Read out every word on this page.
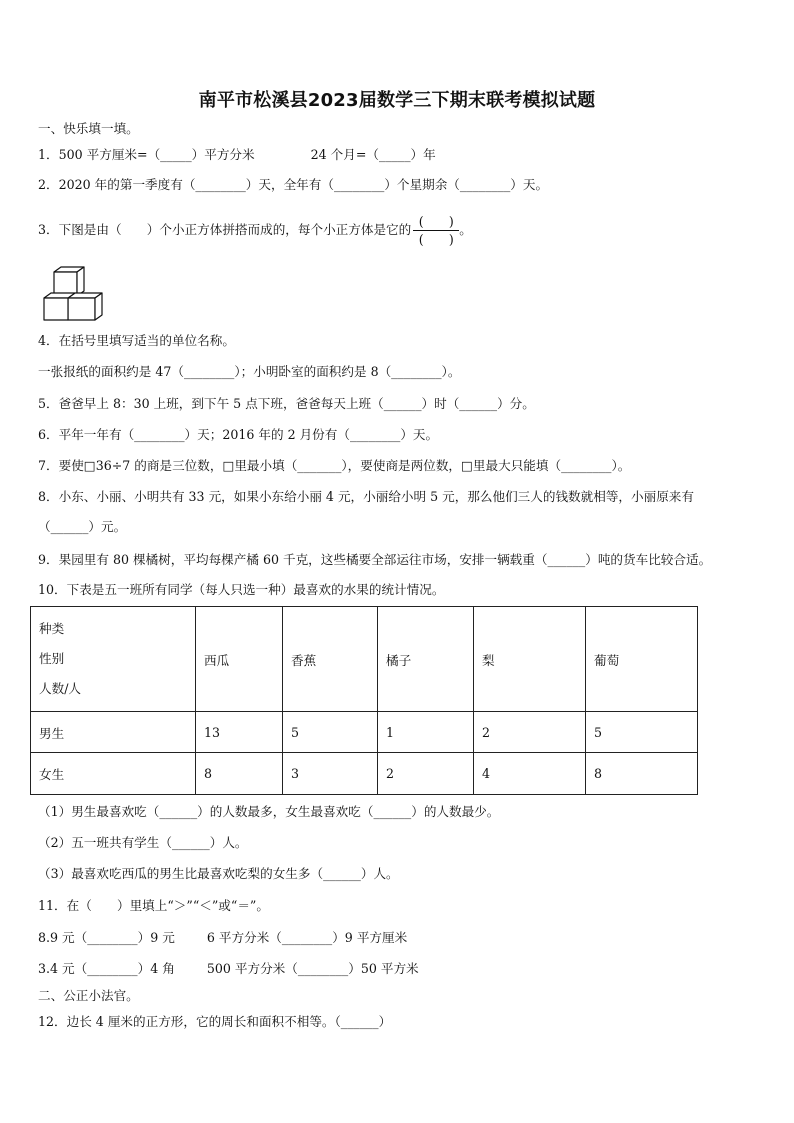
南平市松溪县2023届数学三下期末联考模拟试题
一、快乐填一填。
1．500 平方厘米=（_____）平方分米	24 个月=（_____）年
2．2020 年的第一季度有（________）天，全年有（________）个星期余（________）天。
3．下图是由（　　）个小正方体拼搭而成的，每个小正方体是它的 $\frac{( )}{( )}$ 。
4．在括号里填写适当的单位名称。
一张报纸的面积约是 47（________）；小明卧室的面积约是 8（________）。
5．爸爸早上 8：30 上班，到下午 5 点下班，爸爸每天上班（______）时（______）分。
6．平年一年有（________）天；2016 年的 2 月份有（________）天。
7．要使□36÷7 的商是三位数，□里最小填（_______），要使商是两位数，□里最大只能填（________）。
8．小东、小丽、小明共有 33 元，如果小东给小丽 4 元，小丽给小明 5 元，那么他们三人的钱数就相等，小丽原来有
（______）元。
9．果园里有 80 棵橘树，平均每棵产橘 60 千克，这些橘要全部运往市场，安排一辆载重（______）吨的货车比较合适。
10．下表是五一班所有同学（每人只选一种）最喜欢的水果的统计情况。
种类
性别
人数/人	西瓜	香蕉	橘子	梨	葡萄
男生	13	5	1	2	5
女生	8	3	2	4	8
（1）男生最喜欢吃（______）的人数最多，女生最喜欢吃（______）的人数最少。
（2）五一班共有学生（______）人。
（3）最喜欢吃西瓜的男生比最喜欢吃梨的女生多（______）人。
11．在（　　）里填上“＞”“＜”或“＝”。
8.9 元（________）9 元	6 平方分米（________）9 平方厘米
3.4 元（________）4 角	500 平方分米（________）50 平方米
二、公正小法官。
12．边长 4 厘米的正方形，它的周长和面积不相等。（______）
